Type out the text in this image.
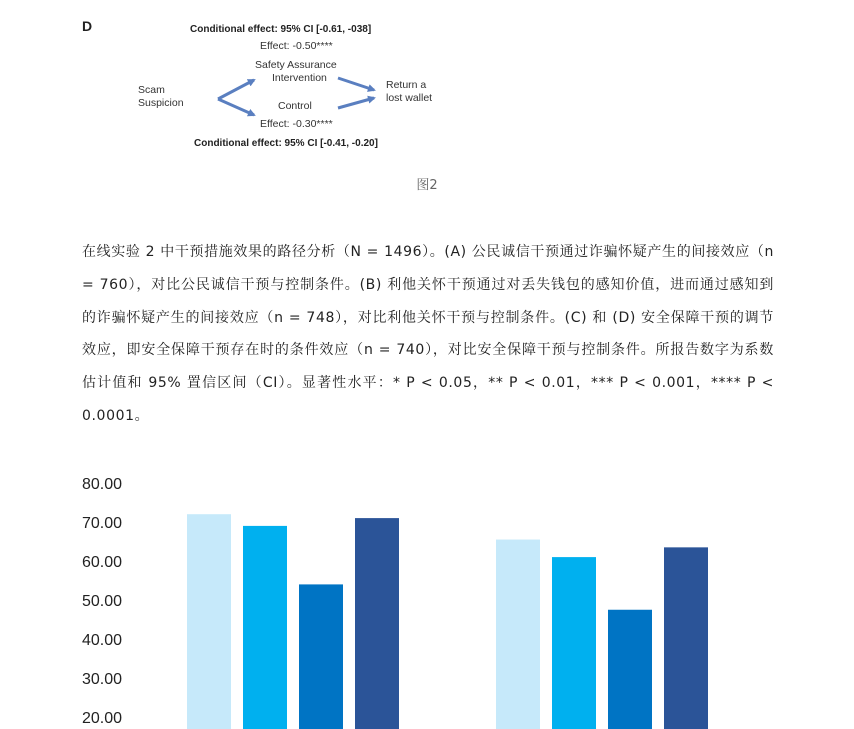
D	Conditional effect: 95% CI [-0.61, -038]
Effect: -0.50****
Safety Assurance
Intervention
Scam
Suspicion
Return a
lost wallet
Control
Effect: -0.30****
Conditional effect: 95% CI [-0.41, -0.20]
图2

在线实验 2 中干预措施效果的路径分析（N = 1496）。(A) 公民诚信干预通过诈骗怀疑产生的间接效应（n = 760），对比公民诚信干预与控制条件。(B) 利他关怀干预通过对丢失钱包的感知价值，进而通过感知到的诈骗怀疑产生的间接效应（n = 748），对比利他关怀干预与控制条件。(C) 和 (D) 安全保障干预的调节效应，即安全保障干预存在时的条件效应（n = 740），对比安全保障干预与控制条件。所报告数字为系数估计值和 95% 置信区间（CI）。显著性水平：* P < 0.05，** P < 0.01，*** P < 0.001，**** P < 0.0001。

80.00
70.00
60.00
50.00
40.00
30.00
20.00
